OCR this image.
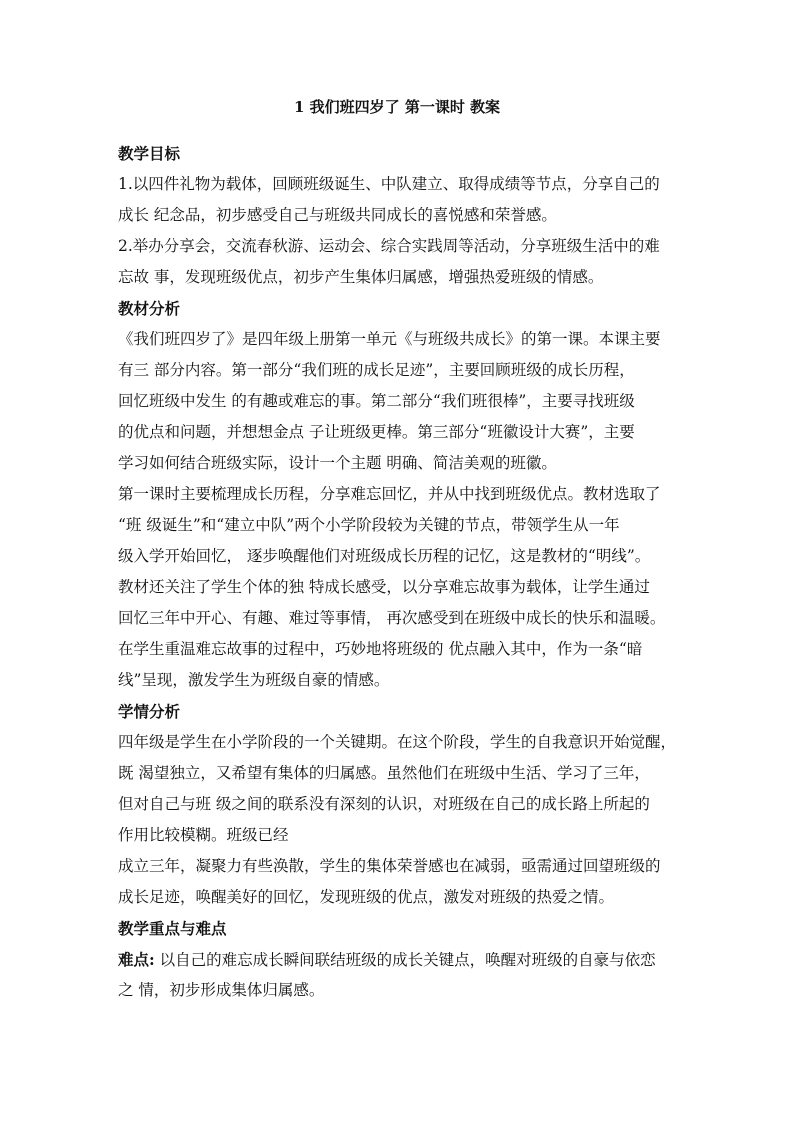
1 我们班四岁了 第一课时 教案
教学目标
1.以四件礼物为载体，回顾班级诞生、中队建立、取得成绩等节点，分享自己的
成长 纪念品，初步感受自己与班级共同成长的喜悦感和荣誉感。
2.举办分享会，交流春秋游、运动会、综合实践周等活动，分享班级生活中的难
忘故 事，发现班级优点，初步产生集体归属感，增强热爱班级的情感。
教材分析
《我们班四岁了》是四年级上册第一单元《与班级共成长》的第一课。本课主要
有三 部分内容。第一部分“我们班的成长足迹”，主要回顾班级的成长历程，
回忆班级中发生 的有趣或难忘的事。第二部分“我们班很棒”，主要寻找班级
的优点和问题，并想想金点 子让班级更棒。第三部分“班徽设计大赛”，主要
学习如何结合班级实际，设计一个主题 明确、简洁美观的班徽。
第一课时主要梳理成长历程，分享难忘回忆，并从中找到班级优点。教材选取了
“班 级诞生”和“建立中队”两个小学阶段较为关键的节点，带领学生从一年
级入学开始回忆， 逐步唤醒他们对班级成长历程的记忆，这是教材的“明线”。
教材还关注了学生个体的独 特成长感受，以分享难忘故事为载体，让学生通过
回忆三年中开心、有趣、难过等事情， 再次感受到在班级中成长的快乐和温暖。
在学生重温难忘故事的过程中，巧妙地将班级的 优点融入其中，作为一条“暗
线”呈现，激发学生为班级自豪的情感。
学情分析
四年级是学生在小学阶段的一个关键期。在这个阶段，学生的自我意识开始觉醒，
既 渴望独立，又希望有集体的归属感。虽然他们在班级中生活、学习了三年，
但对自己与班 级之间的联系没有深刻的认识，对班级在自己的成长路上所起的
作用比较模糊。班级已经
成立三年，凝聚力有些涣散，学生的集体荣誉感也在减弱，亟需通过回望班级的
成长足迹，唤醒美好的回忆，发现班级的优点，激发对班级的热爱之情。
教学重点与难点
难点: 以自己的难忘成长瞬间联结班级的成长关键点，唤醒对班级的自豪与依恋
之 情，初步形成集体归属感。
